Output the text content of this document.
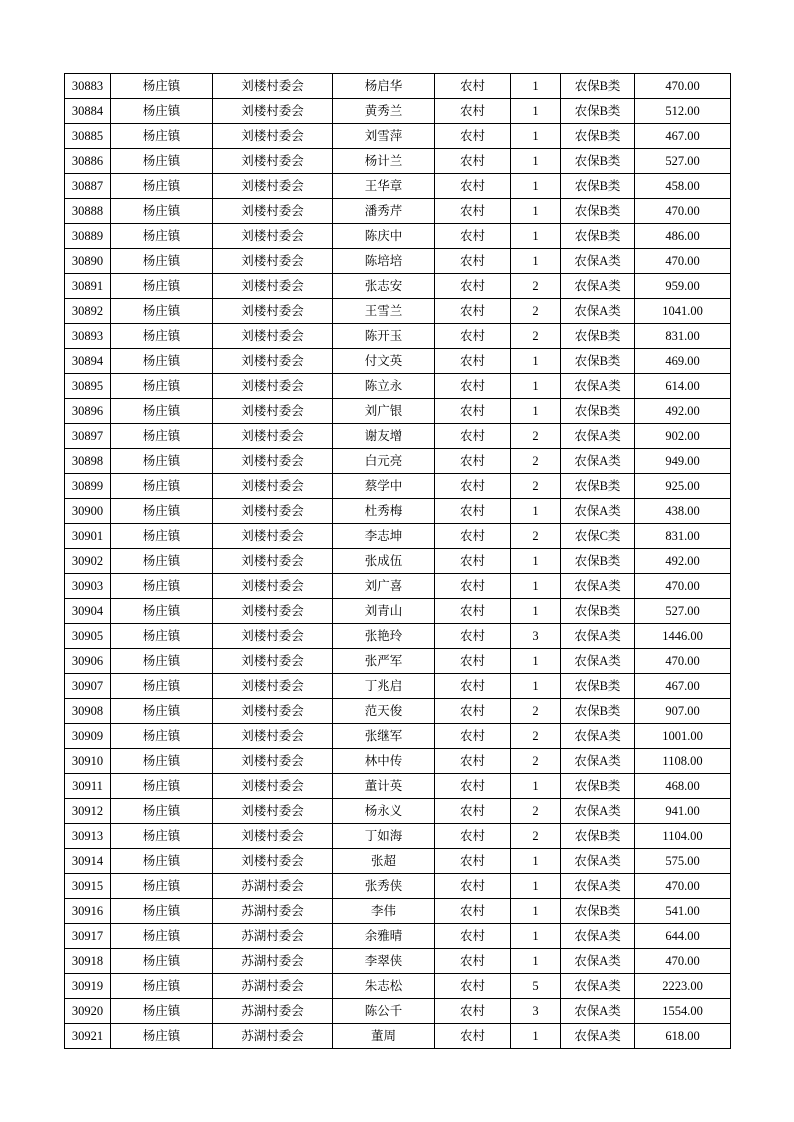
30883	杨庄镇	刘楼村委会	杨启华	农村	1	农保B类	470.00
30884	杨庄镇	刘楼村委会	黄秀兰	农村	1	农保B类	512.00
30885	杨庄镇	刘楼村委会	刘雪萍	农村	1	农保B类	467.00
30886	杨庄镇	刘楼村委会	杨计兰	农村	1	农保B类	527.00
30887	杨庄镇	刘楼村委会	王华章	农村	1	农保B类	458.00
30888	杨庄镇	刘楼村委会	潘秀芹	农村	1	农保B类	470.00
30889	杨庄镇	刘楼村委会	陈庆中	农村	1	农保B类	486.00
30890	杨庄镇	刘楼村委会	陈培培	农村	1	农保A类	470.00
30891	杨庄镇	刘楼村委会	张志安	农村	2	农保A类	959.00
30892	杨庄镇	刘楼村委会	王雪兰	农村	2	农保A类	1041.00
30893	杨庄镇	刘楼村委会	陈开玉	农村	2	农保B类	831.00
30894	杨庄镇	刘楼村委会	付文英	农村	1	农保B类	469.00
30895	杨庄镇	刘楼村委会	陈立永	农村	1	农保A类	614.00
30896	杨庄镇	刘楼村委会	刘广银	农村	1	农保B类	492.00
30897	杨庄镇	刘楼村委会	谢友增	农村	2	农保A类	902.00
30898	杨庄镇	刘楼村委会	白元亮	农村	2	农保A类	949.00
30899	杨庄镇	刘楼村委会	蔡学中	农村	2	农保B类	925.00
30900	杨庄镇	刘楼村委会	杜秀梅	农村	1	农保A类	438.00
30901	杨庄镇	刘楼村委会	李志坤	农村	2	农保C类	831.00
30902	杨庄镇	刘楼村委会	张成伍	农村	1	农保B类	492.00
30903	杨庄镇	刘楼村委会	刘广喜	农村	1	农保A类	470.00
30904	杨庄镇	刘楼村委会	刘青山	农村	1	农保B类	527.00
30905	杨庄镇	刘楼村委会	张艳玲	农村	3	农保A类	1446.00
30906	杨庄镇	刘楼村委会	张严军	农村	1	农保A类	470.00
30907	杨庄镇	刘楼村委会	丁兆启	农村	1	农保B类	467.00
30908	杨庄镇	刘楼村委会	范天俊	农村	2	农保B类	907.00
30909	杨庄镇	刘楼村委会	张继军	农村	2	农保A类	1001.00
30910	杨庄镇	刘楼村委会	林中传	农村	2	农保A类	1108.00
30911	杨庄镇	刘楼村委会	董计英	农村	1	农保B类	468.00
30912	杨庄镇	刘楼村委会	杨永义	农村	2	农保A类	941.00
30913	杨庄镇	刘楼村委会	丁如海	农村	2	农保B类	1104.00
30914	杨庄镇	刘楼村委会	张超	农村	1	农保A类	575.00
30915	杨庄镇	苏湖村委会	张秀侠	农村	1	农保A类	470.00
30916	杨庄镇	苏湖村委会	李伟	农村	1	农保B类	541.00
30917	杨庄镇	苏湖村委会	余雅晴	农村	1	农保A类	644.00
30918	杨庄镇	苏湖村委会	李翠侠	农村	1	农保A类	470.00
30919	杨庄镇	苏湖村委会	朱志松	农村	5	农保A类	2223.00
30920	杨庄镇	苏湖村委会	陈公千	农村	3	农保A类	1554.00
30921	杨庄镇	苏湖村委会	董周	农村	1	农保A类	618.00
